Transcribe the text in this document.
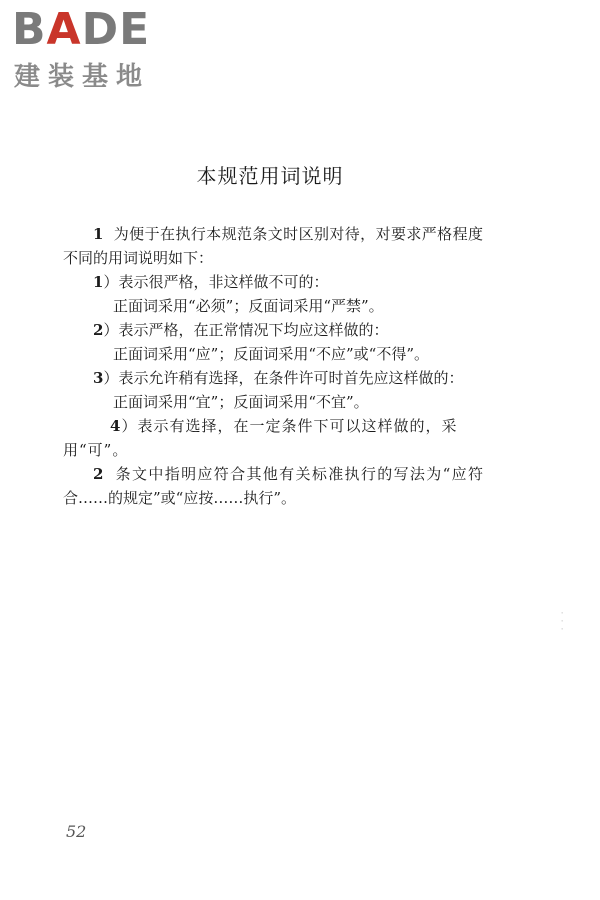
BADE
建装基地
本规范用词说明

1 为便于在执行本规范条文时区别对待，对要求严格程度不同的用词说明如下：

1）表示很严格，非这样做不可的：
正面词采用“必须”；反面词采用“严禁”。

2）表示严格，在正常情况下均应这样做的：
正面词采用“应”；反面词采用“不应”或“不得”。

3）表示允许稍有选择，在条件许可时首先应这样做的：
正面词采用“宜”；反面词采用“不宜”。

4）表示有选择，在一定条件下可以这样做的，采用“可”。

2 条文中指明应符合其他有关标准执行的写法为“应符合……的规定”或“应按……执行”。

ﾞ
ﾞ
ﾞ
52
